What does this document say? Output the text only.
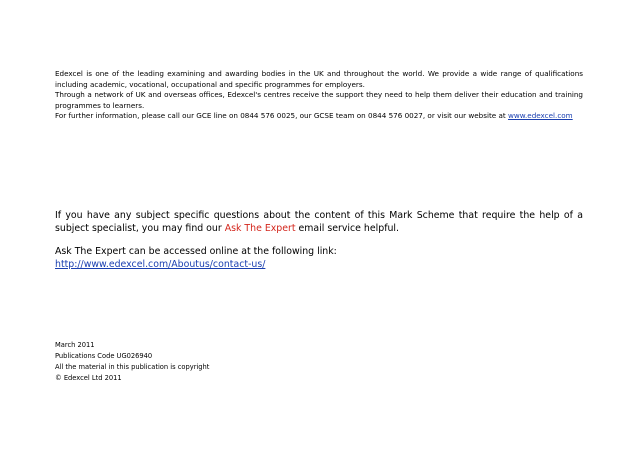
Edexcel is one of the leading examining and awarding bodies in the UK and throughout the world. We provide a wide range of qualifications including academic, vocational, occupational and specific programmes for employers.

Through a network of UK and overseas offices, Edexcel's centres receive the support they need to help them deliver their education and training programmes to learners.

For further information, please call our GCE line on 0844 576 0025, our GCSE team on 0844 576 0027, or visit our website at www.edexcel.com

If you have any subject specific questions about the content of this Mark Scheme that require the help of a subject specialist, you may find our Ask The Expert email service helpful.

Ask The Expert can be accessed online at the following link:
http://www.edexcel.com/Aboutus/contact-us/

March 2011

Publications Code UG026940

All the material in this publication is copyright

© Edexcel Ltd 2011
